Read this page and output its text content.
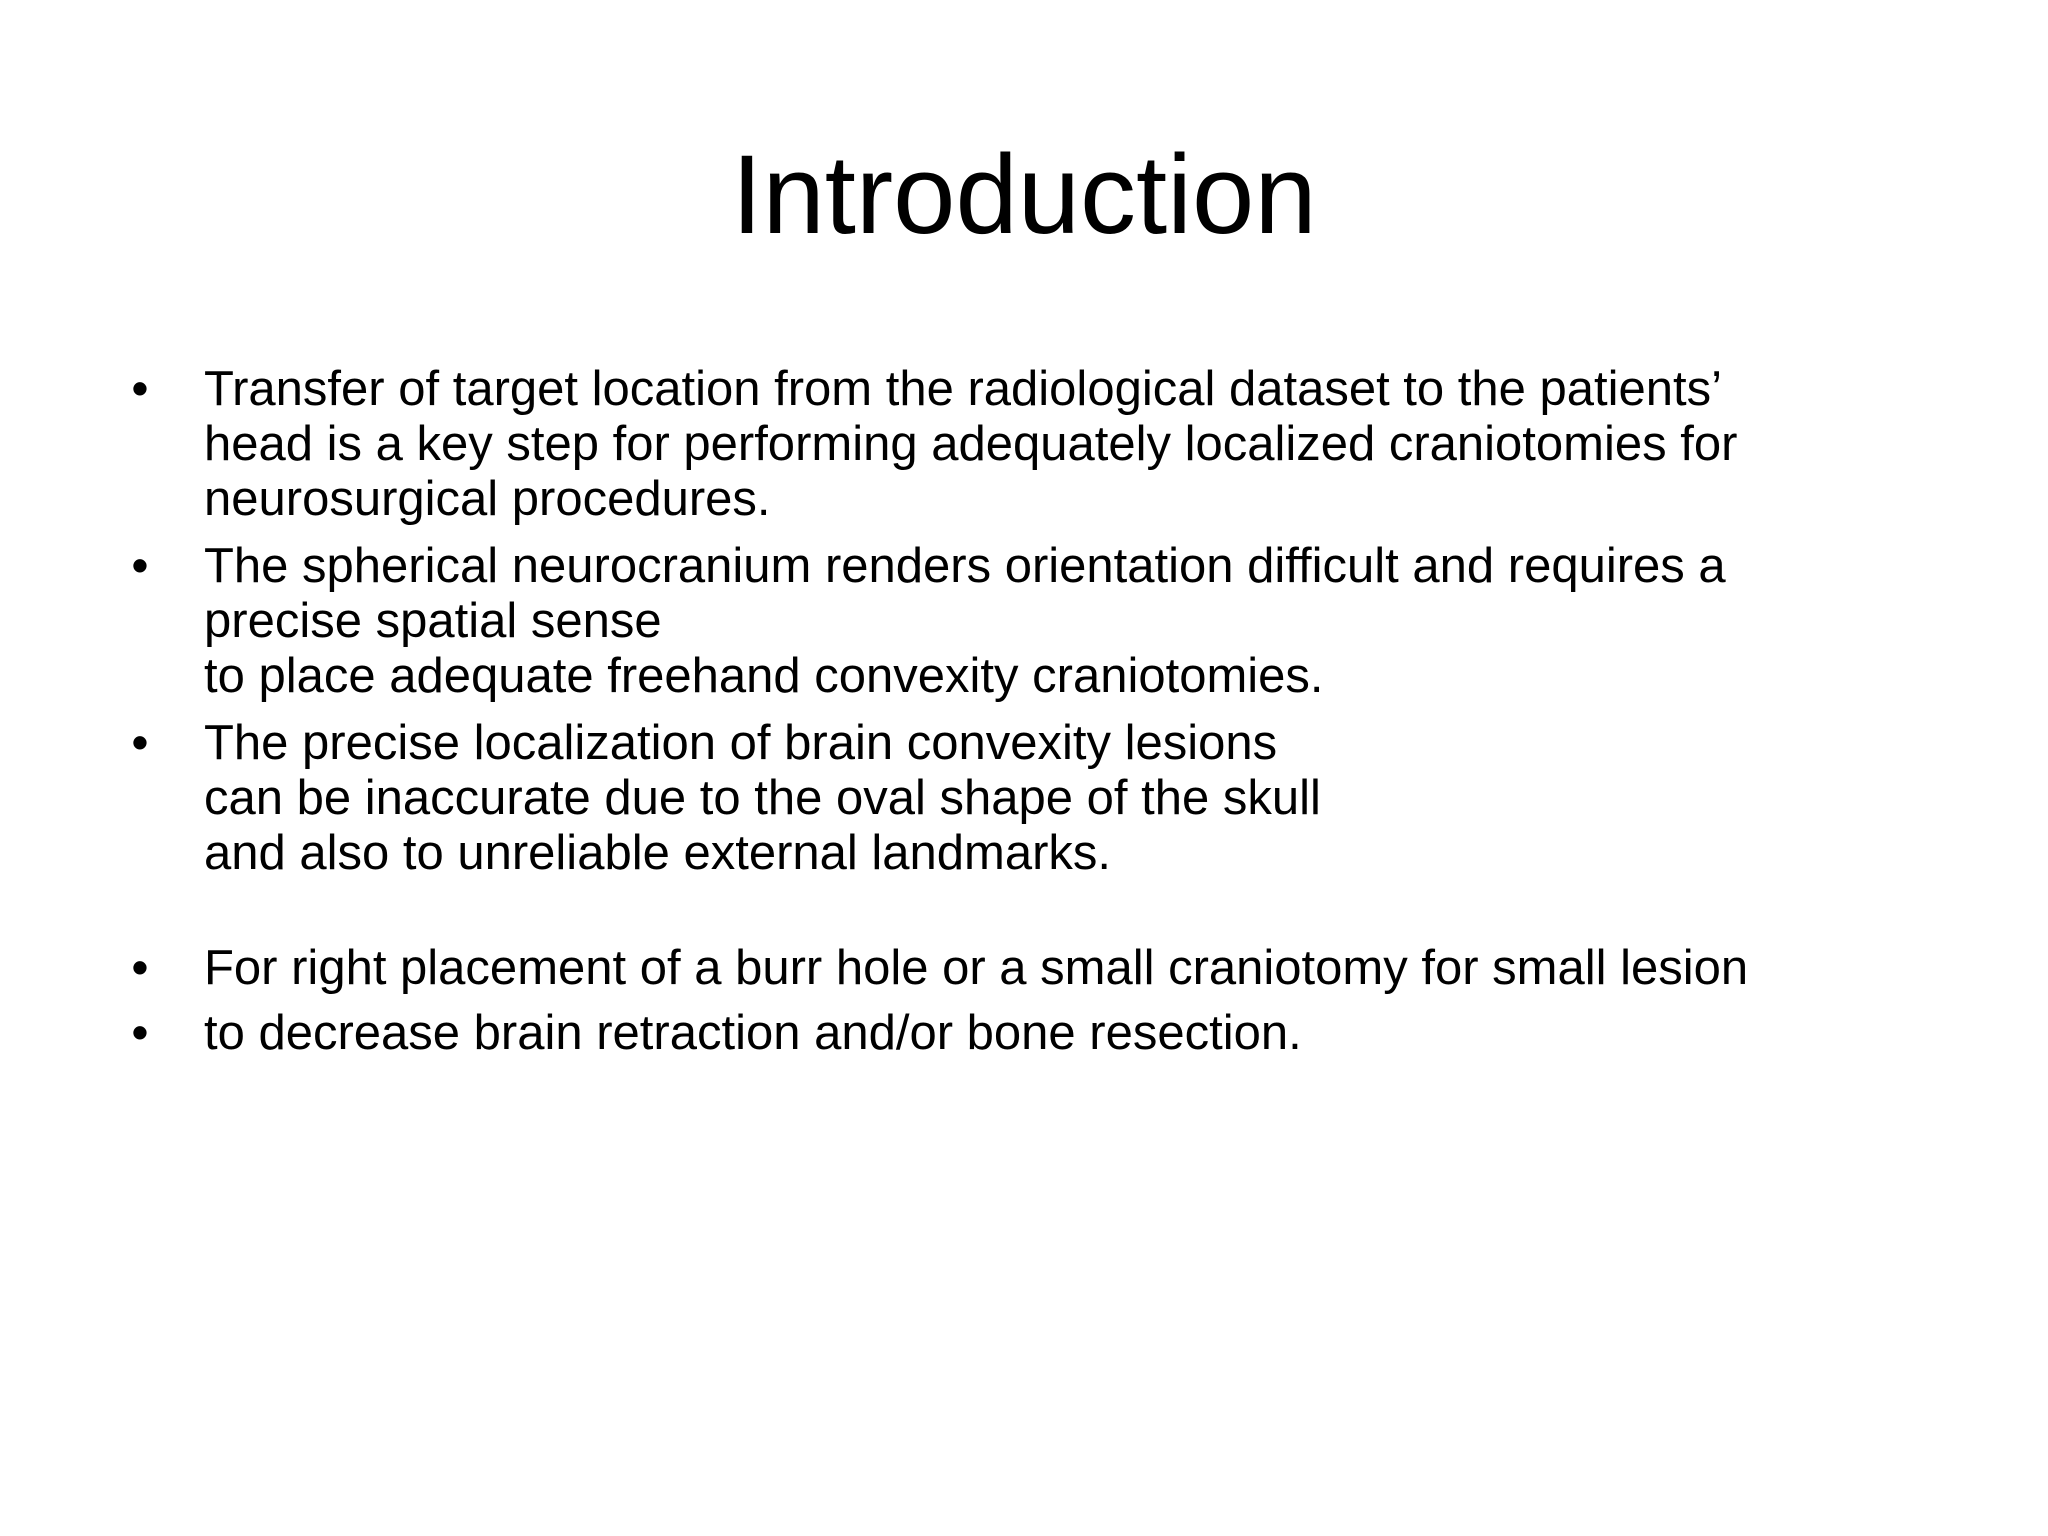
Introduction
• Transfer of target location from the radiological dataset to the patients’
head is a key step for performing adequately localized craniotomies for
neurosurgical procedures.
• The spherical neurocranium renders orientation difficult and requires a
precise spatial sense
to place adequate freehand convexity craniotomies.
• The precise localization of brain convexity lesions
can be inaccurate due to the oval shape of the skull
and also to unreliable external landmarks.
• For right placement of a burr hole or a small craniotomy for small lesion
• to decrease brain retraction and/or bone resection.
